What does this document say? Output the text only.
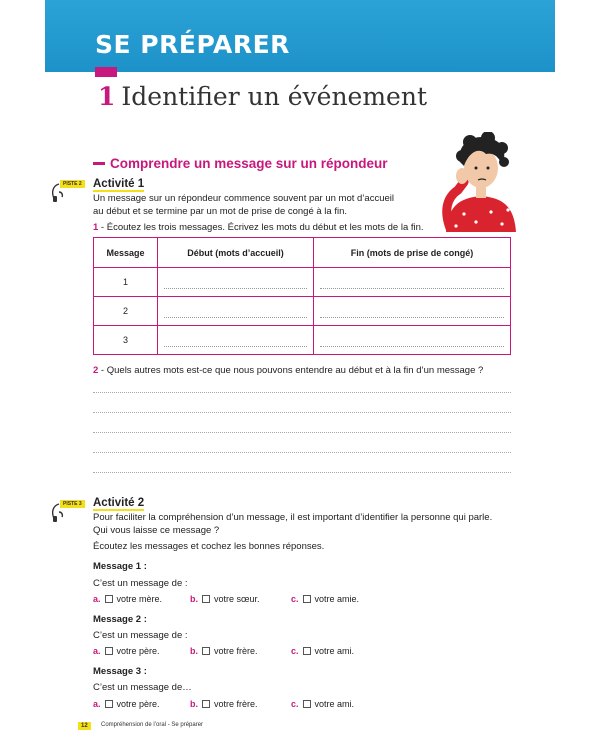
SE PRÉPARER
1 Identifier un événement
Comprendre un message sur un répondeur
PISTE 2 Activité 1
Un message sur un répondeur commence souvent par un mot d’accueil
au début et se termine par un mot de prise de congé à la fin.
1 - Écoutez les trois messages. Écrivez les mots du début et les mots de la fin.
Message	Début (mots d’accueil)	Fin (mots de prise de congé)
1		
2		
3		
2 - Quels autres mots est-ce que nous pouvons entendre au début et à la fin d’un message ?
PISTE 3 Activité 2
Pour faciliter la compréhension d’un message, il est important d’identifier la personne qui parle.
Qui vous laisse ce message ?
Écoutez les messages et cochez les bonnes réponses.
Message 1 :
C’est un message de :
a. votre mère.	b. votre sœur.	c. votre amie.
Message 2 :
C’est un message de :
a. votre père.	b. votre frère.	c. votre ami.
Message 3 :
C’est un message de…
a. votre père.	b. votre frère.	c. votre ami.
12	Compréhension de l’oral - Se préparer
